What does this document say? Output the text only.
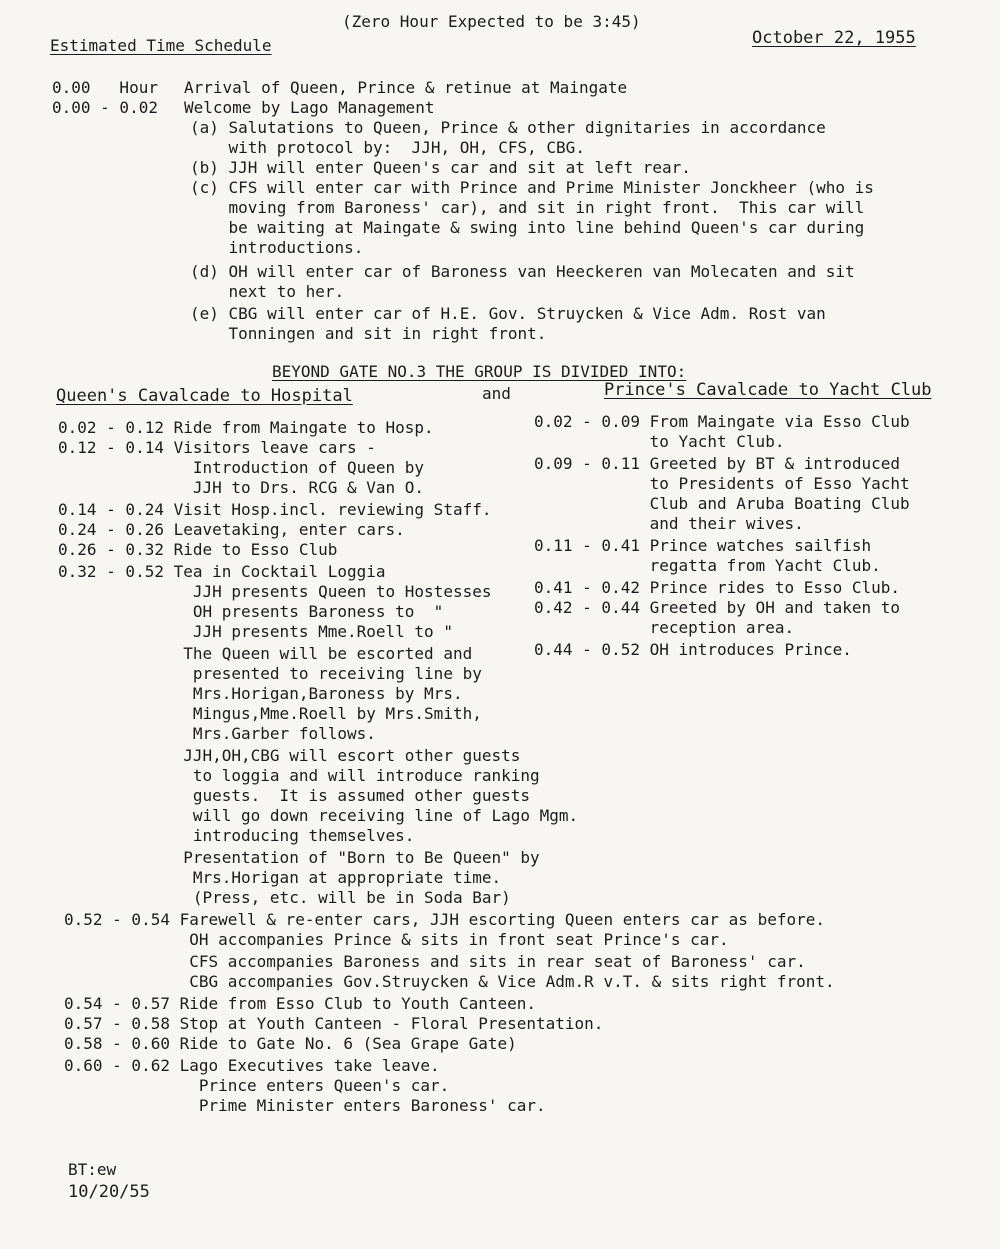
(Zero Hour Expected to be 3:45)
Estimated Time Schedule	October 22, 1955
0.00   Hour Arrival of Queen, Prince & retinue at Maingate
0.00 - 0.02 Welcome by Lago Management
(a) Salutations to Queen, Prince & other dignitaries in accordance
with protocol by:  JJH, OH, CFS, CBG.
(b) JJH will enter Queen's car and sit at left rear.
(c) CFS will enter car with Prince and Prime Minister Jonckheer (who is
moving from Baroness' car), and sit in right front.  This car will
be waiting at Maingate & swing into line behind Queen's car during
introductions.
(d) OH will enter car of Baroness van Heeckeren van Molecaten and sit
next to her.
(e) CBG will enter car of H.E. Gov. Struycken & Vice Adm. Rost van
Tonningen and sit in right front.
BEYOND GATE NO.3 THE GROUP IS DIVIDED INTO:
Queen's Cavalcade to Hospital	and	Prince's Cavalcade to Yacht Club
0.02 - 0.12 Ride from Maingate to Hosp.
0.12 - 0.14 Visitors leave cars -
Introduction of Queen by
JJH to Drs. RCG & Van O.
0.14 - 0.24 Visit Hosp.incl. reviewing Staff.
0.24 - 0.26 Leavetaking, enter cars.
0.26 - 0.32 Ride to Esso Club
0.32 - 0.52 Tea in Cocktail Loggia
JJH presents Queen to Hostesses
OH presents Baroness to  "
JJH presents Mme.Roell to "
The Queen will be escorted and
presented to receiving line by
Mrs.Horigan,Baroness by Mrs.
Mingus,Mme.Roell by Mrs.Smith,
Mrs.Garber follows.
JJH,OH,CBG will escort other guests
to loggia and will introduce ranking
guests.  It is assumed other guests
will go down receiving line of Lago Mgm.
introducing themselves.
Presentation of "Born to Be Queen" by
Mrs.Horigan at appropriate time.
(Press, etc. will be in Soda Bar)
0.02 - 0.09 From Maingate via Esso Club
to Yacht Club.
0.09 - 0.11 Greeted by BT & introduced
to Presidents of Esso Yacht
Club and Aruba Boating Club
and their wives.
0.11 - 0.41 Prince watches sailfish
regatta from Yacht Club.
0.41 - 0.42 Prince rides to Esso Club.
0.42 - 0.44 Greeted by OH and taken to
reception area.
0.44 - 0.52 OH introduces Prince.
0.52 - 0.54 Farewell & re-enter cars, JJH escorting Queen enters car as before.
OH accompanies Prince & sits in front seat Prince's car.
CFS accompanies Baroness and sits in rear seat of Baroness' car.
CBG accompanies Gov.Struycken & Vice Adm.R v.T. & sits right front.
0.54 - 0.57 Ride from Esso Club to Youth Canteen.
0.57 - 0.58 Stop at Youth Canteen - Floral Presentation.
0.58 - 0.60 Ride to Gate No. 6 (Sea Grape Gate)
0.60 - 0.62 Lago Executives take leave.
Prince enters Queen's car.
Prime Minister enters Baroness' car.
BT:ew
10/20/55
